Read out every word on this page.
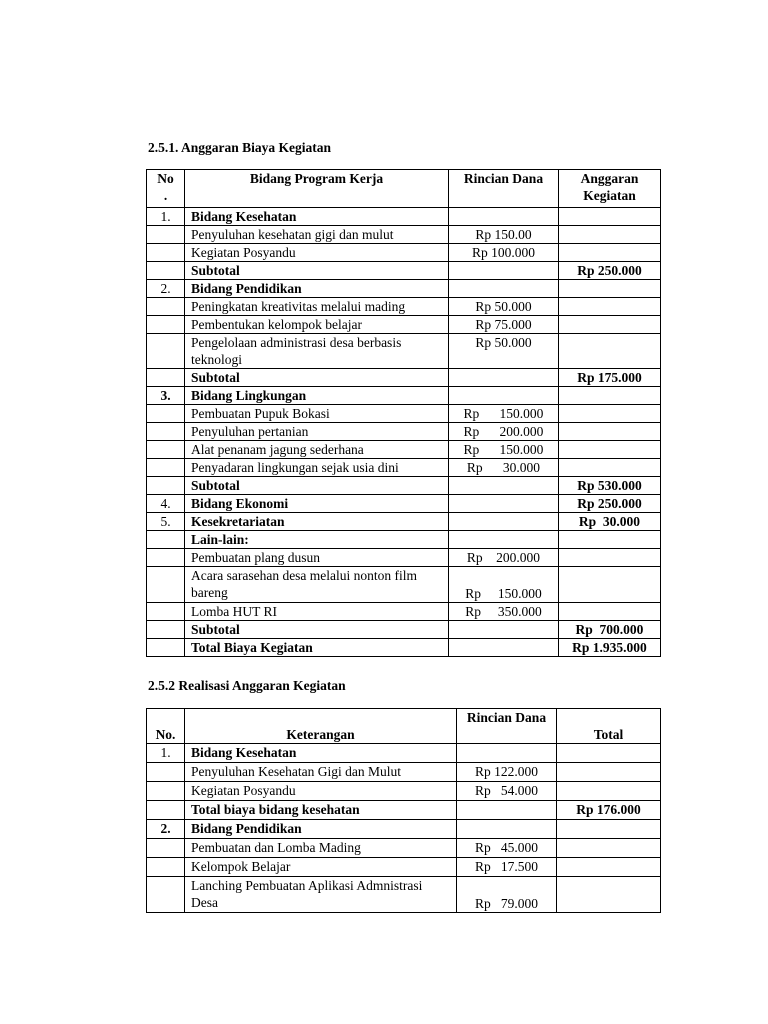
2.5.1. Anggaran Biaya Kegiatan
No
.	Bidang Program Kerja	Rincian Dana	Anggaran Kegiatan
1.	Bidang Kesehatan		
	Penyuluhan kesehatan gigi dan mulut	Rp 150.00	
	Kegiatan Posyandu	Rp 100.000	
	Subtotal		Rp 250.000
2.	Bidang Pendidikan		
	Peningkatan kreativitas melalui mading	Rp 50.000	
	Pembentukan kelompok belajar	Rp 75.000	
	Pengelolaan administrasi desa berbasis teknologi	Rp 50.000	
	Subtotal		Rp 175.000
3.	Bidang Lingkungan		
	Pembuatan Pupuk Bokasi	Rp      150.000	
	Penyuluhan pertanian	Rp      200.000	
	Alat penanam jagung sederhana	Rp      150.000	
	Penyadaran lingkungan sejak usia dini	Rp      30.000	
	Subtotal		Rp 530.000
4.	Bidang Ekonomi		Rp 250.000
5.	Kesekretariatan		Rp  30.000
	Lain-lain:		
	Pembuatan plang dusun	Rp    200.000	
	Acara sarasehan desa melalui nonton film bareng	Rp     150.000	
	Lomba HUT RI	Rp     350.000	
	Subtotal		Rp  700.000
	Total Biaya Kegiatan		Rp 1.935.000
2.5.2 Realisasi Anggaran Kegiatan
No.	Keterangan	Rincian Dana	Total
1.	Bidang Kesehatan		
	Penyuluhan Kesehatan Gigi dan Mulut	Rp 122.000	
	Kegiatan Posyandu	Rp   54.000	
	Total biaya bidang kesehatan		Rp 176.000
2.	Bidang Pendidikan		
	Pembuatan dan Lomba Mading	Rp   45.000	
	Kelompok Belajar	Rp   17.500	
	Lanching Pembuatan Aplikasi Admnistrasi Desa	Rp   79.000	
